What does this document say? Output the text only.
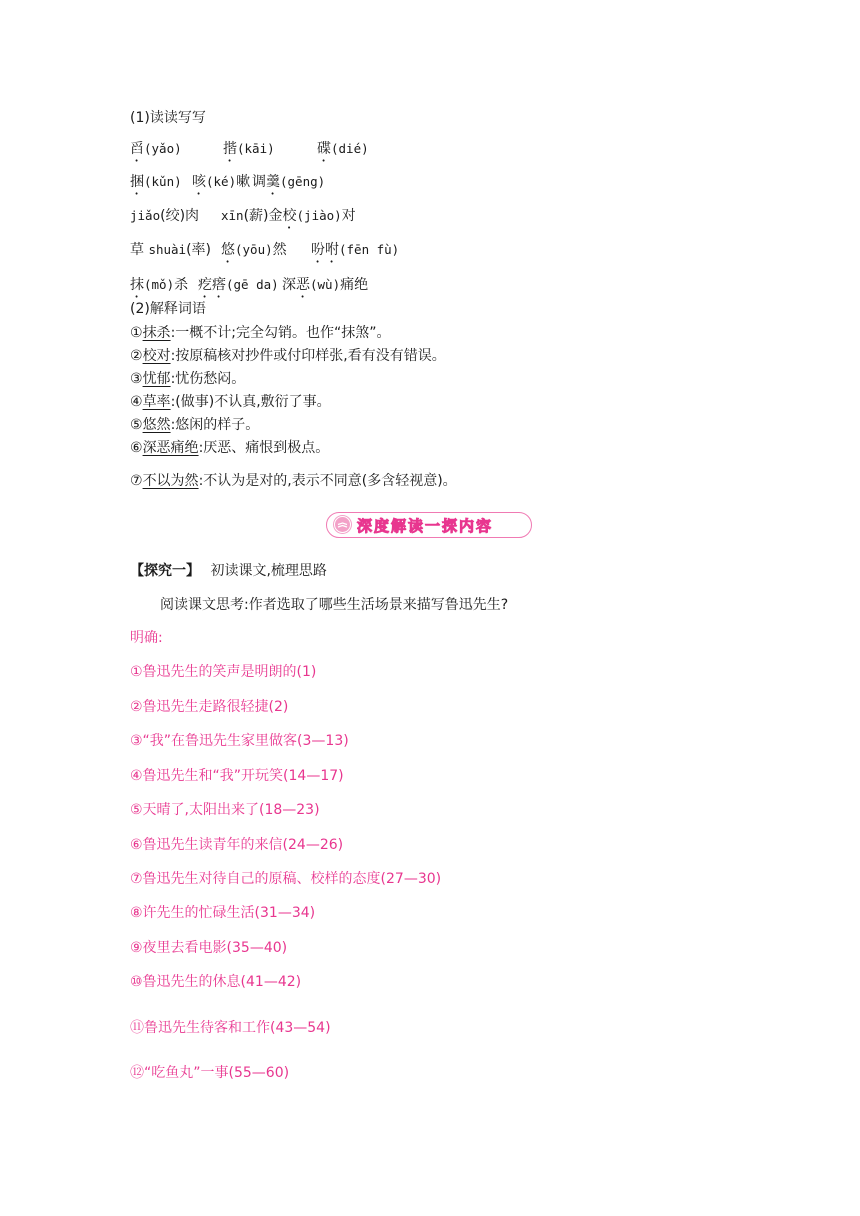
(1)读读写写
舀(yǎo)	揩(kāi)	碟(dié)
捆(kǔn) 咳(ké)嗽 调羹(gēng)
jiǎo(绞)肉 xīn(薪)金校(jiào)对
草 shuài(率) 悠(yōu)然 吩咐(fēn fù)
抹(mǒ)杀 疙瘩(gē da) 深恶(wù)痛绝
(2)解释词语
①抹杀:一概不计;完全勾销。也作“抹煞”。
②校对:按原稿核对抄件或付印样张,看有没有错误。
③忧郁:忧伤愁闷。
④草率:(做事)不认真,敷衍了事。
⑤悠然:悠闲的样子。
⑥深恶痛绝:厌恶、痛恨到极点。
⑦不以为然:不认为是对的,表示不同意(多含轻视意)。
深度解读一探内容
【探究一】 初读课文,梳理思路
阅读课文思考:作者选取了哪些生活场景来描写鲁迅先生?
明确:
①鲁迅先生的笑声是明朗的(1)
②鲁迅先生走路很轻捷(2)
③“我”在鲁迅先生家里做客(3—13)
④鲁迅先生和“我”开玩笑(14—17)
⑤天晴了,太阳出来了(18—23)
⑥鲁迅先生读青年的来信(24—26)
⑦鲁迅先生对待自己的原稿、校样的态度(27—30)
⑧许先生的忙碌生活(31—34)
⑨夜里去看电影(35—40)
⑩鲁迅先生的休息(41—42)
⑪鲁迅先生待客和工作(43—54)
⑫“吃鱼丸”一事(55—60)
